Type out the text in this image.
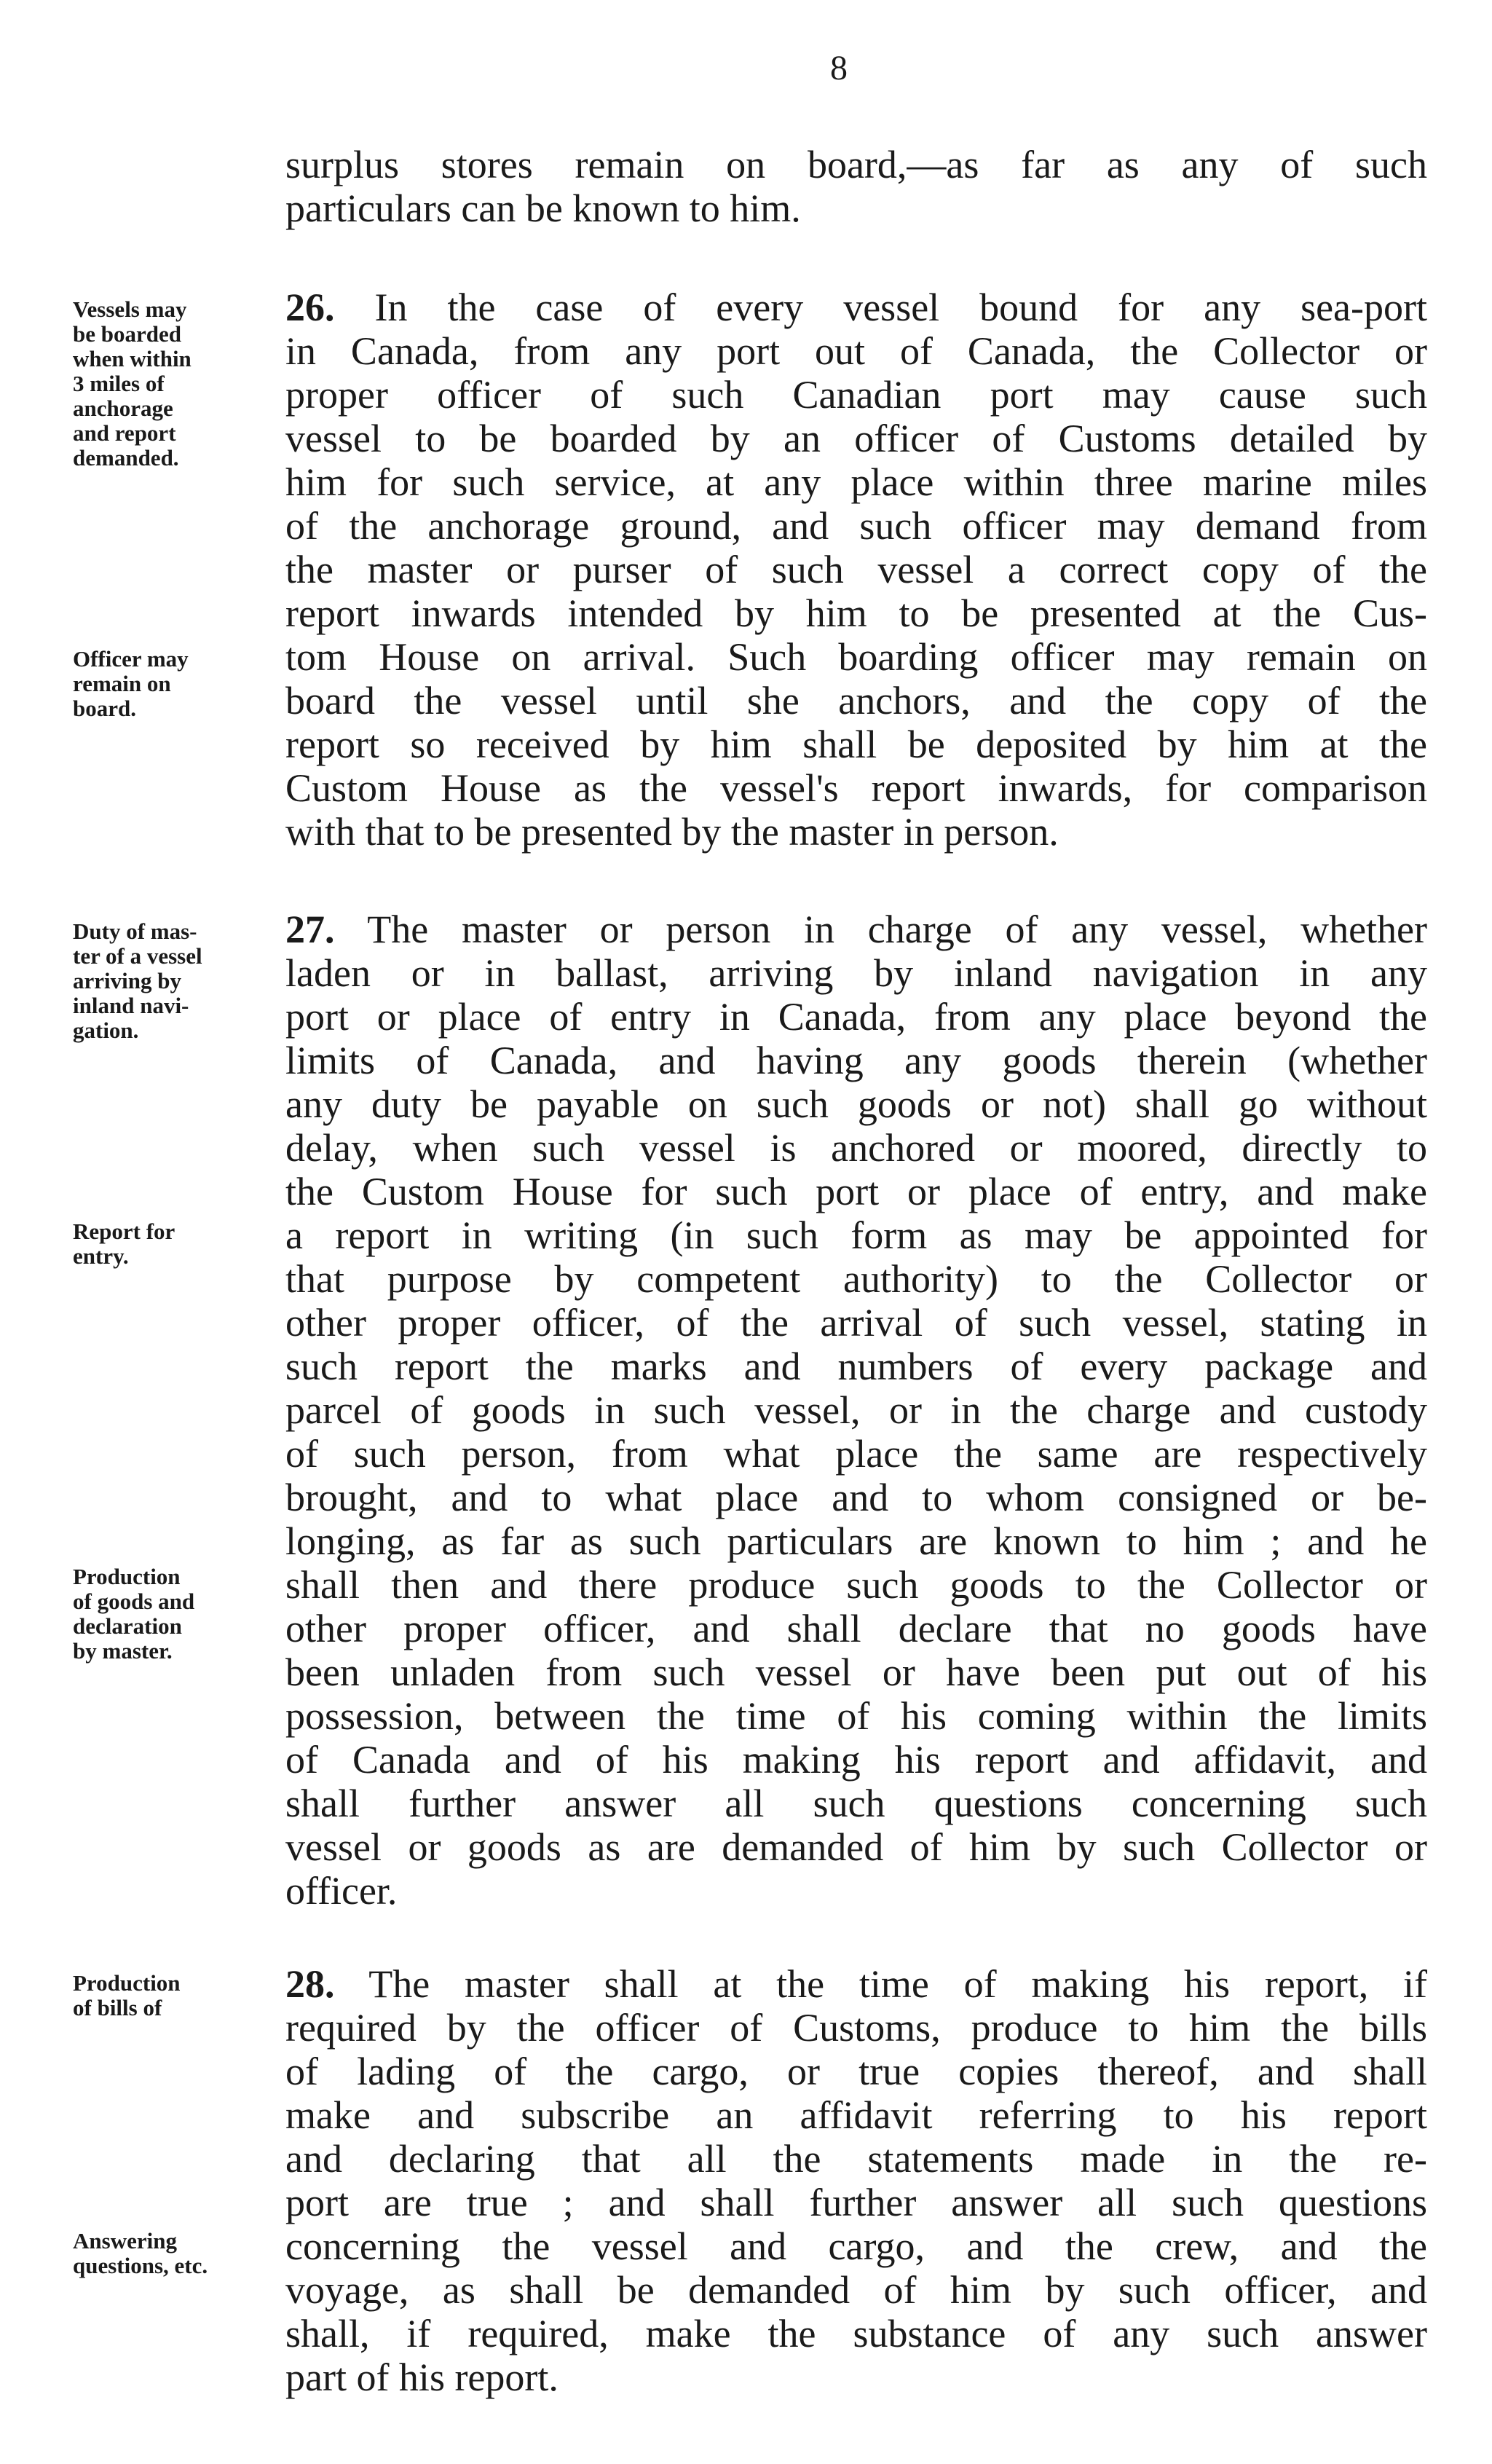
8
surplus stores remain on board,—as far as any of such
particulars can be known to him.
26. In the case of every vessel bound for any sea-port
in Canada, from any port out of Canada, the Collector or
proper officer of such Canadian port may cause such
vessel to be boarded by an officer of Customs detailed by
him for such service, at any place within three marine miles
of the anchorage ground, and such officer may demand from
the master or purser of such vessel a correct copy of the
report inwards intended by him to be presented at the Cus-
tom House on arrival. Such boarding officer may remain on
board the vessel until she anchors, and the copy of the
report so received by him shall be deposited by him at the
Custom House as the vessel's report inwards, for comparison
with that to be presented by the master in person.
27. The master or person in charge of any vessel, whether
laden or in ballast, arriving by inland navigation in any
port or place of entry in Canada, from any place beyond the
limits of Canada, and having any goods therein (whether
any duty be payable on such goods or not) shall go without
delay, when such vessel is anchored or moored, directly to
the Custom House for such port or place of entry, and make
a report in writing (in such form as may be appointed for
that purpose by competent authority) to the Collector or
other proper officer, of the arrival of such vessel, stating in
such report the marks and numbers of every package and
parcel of goods in such vessel, or in the charge and custody
of such person, from what place the same are respectively
brought, and to what place and to whom consigned or be-
longing, as far as such particulars are known to him ; and he
shall then and there produce such goods to the Collector or
other proper officer, and shall declare that no goods have
been unladen from such vessel or have been put out of his
possession, between the time of his coming within the limits
of Canada and of his making his report and affidavit, and
shall further answer all such questions concerning such
vessel or goods as are demanded of him by such Collector or
officer.
28. The master shall at the time of making his report, if
required by the officer of Customs, produce to him the bills
of lading of the cargo, or true copies thereof, and shall
make and subscribe an affidavit referring to his report
and declaring that all the statements made in the re-
port are true ; and shall further answer all such questions
concerning the vessel and cargo, and the crew, and the
voyage, as shall be demanded of him by such officer, and
shall, if required, make the substance of any such answer
part of his report.
Vessels may
be boarded
when within
3 miles of
anchorage
and report
demanded.
Officer may
remain on
board.
Duty of mas-
ter of a vessel
arriving by
inland navi-
gation.
Report for
entry.
Production
of goods and
declaration
by master.
Production
of bills of
Answering
questions, etc.
